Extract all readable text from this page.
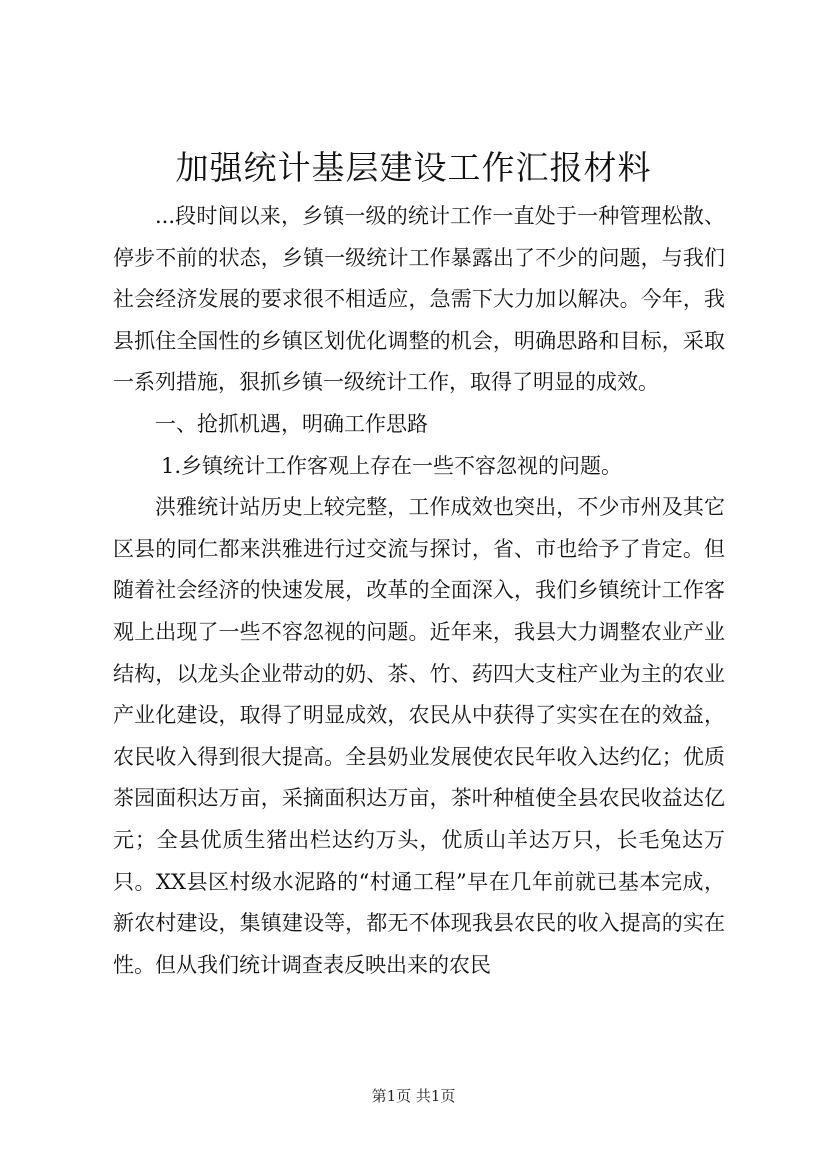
加强统计基层建设工作汇报材料

...段时间以来，乡镇一级的统计工作一直处于一种管理松散、停步不前的状态，乡镇一级统计工作暴露出了不少的问题，与我们社会经济发展的要求很不相适应，急需下大力加以解决。今年，我县抓住全国性的乡镇区划优化调整的机会，明确思路和目标，采取一系列措施，狠抓乡镇一级统计工作，取得了明显的成效。

一、抢抓机遇，明确工作思路

1.乡镇统计工作客观上存在一些不容忽视的问题。

洪雅统计站历史上较完整，工作成效也突出，不少市州及其它区县的同仁都来洪雅进行过交流与探讨，省、市也给予了肯定。但随着社会经济的快速发展，改革的全面深入，我们乡镇统计工作客观上出现了一些不容忽视的问题。近年来，我县大力调整农业产业结构，以龙头企业带动的奶、茶、竹、药四大支柱产业为主的农业产业化建设，取得了明显成效，农民从中获得了实实在在的效益，农民收入得到很大提高。全县奶业发展使农民年收入达约亿；优质茶园面积达万亩，采摘面积达万亩，茶叶种植使全县农民收益达亿元；全县优质生猪出栏达约万头，优质山羊达万只，长毛兔达万只。XX县区村级水泥路的“村通工程”早在几年前就已基本完成，新农村建设，集镇建设等，都无不体现我县农民的收入提高的实在性。但从我们统计调查表反映出来的农民

第1页 共1页
